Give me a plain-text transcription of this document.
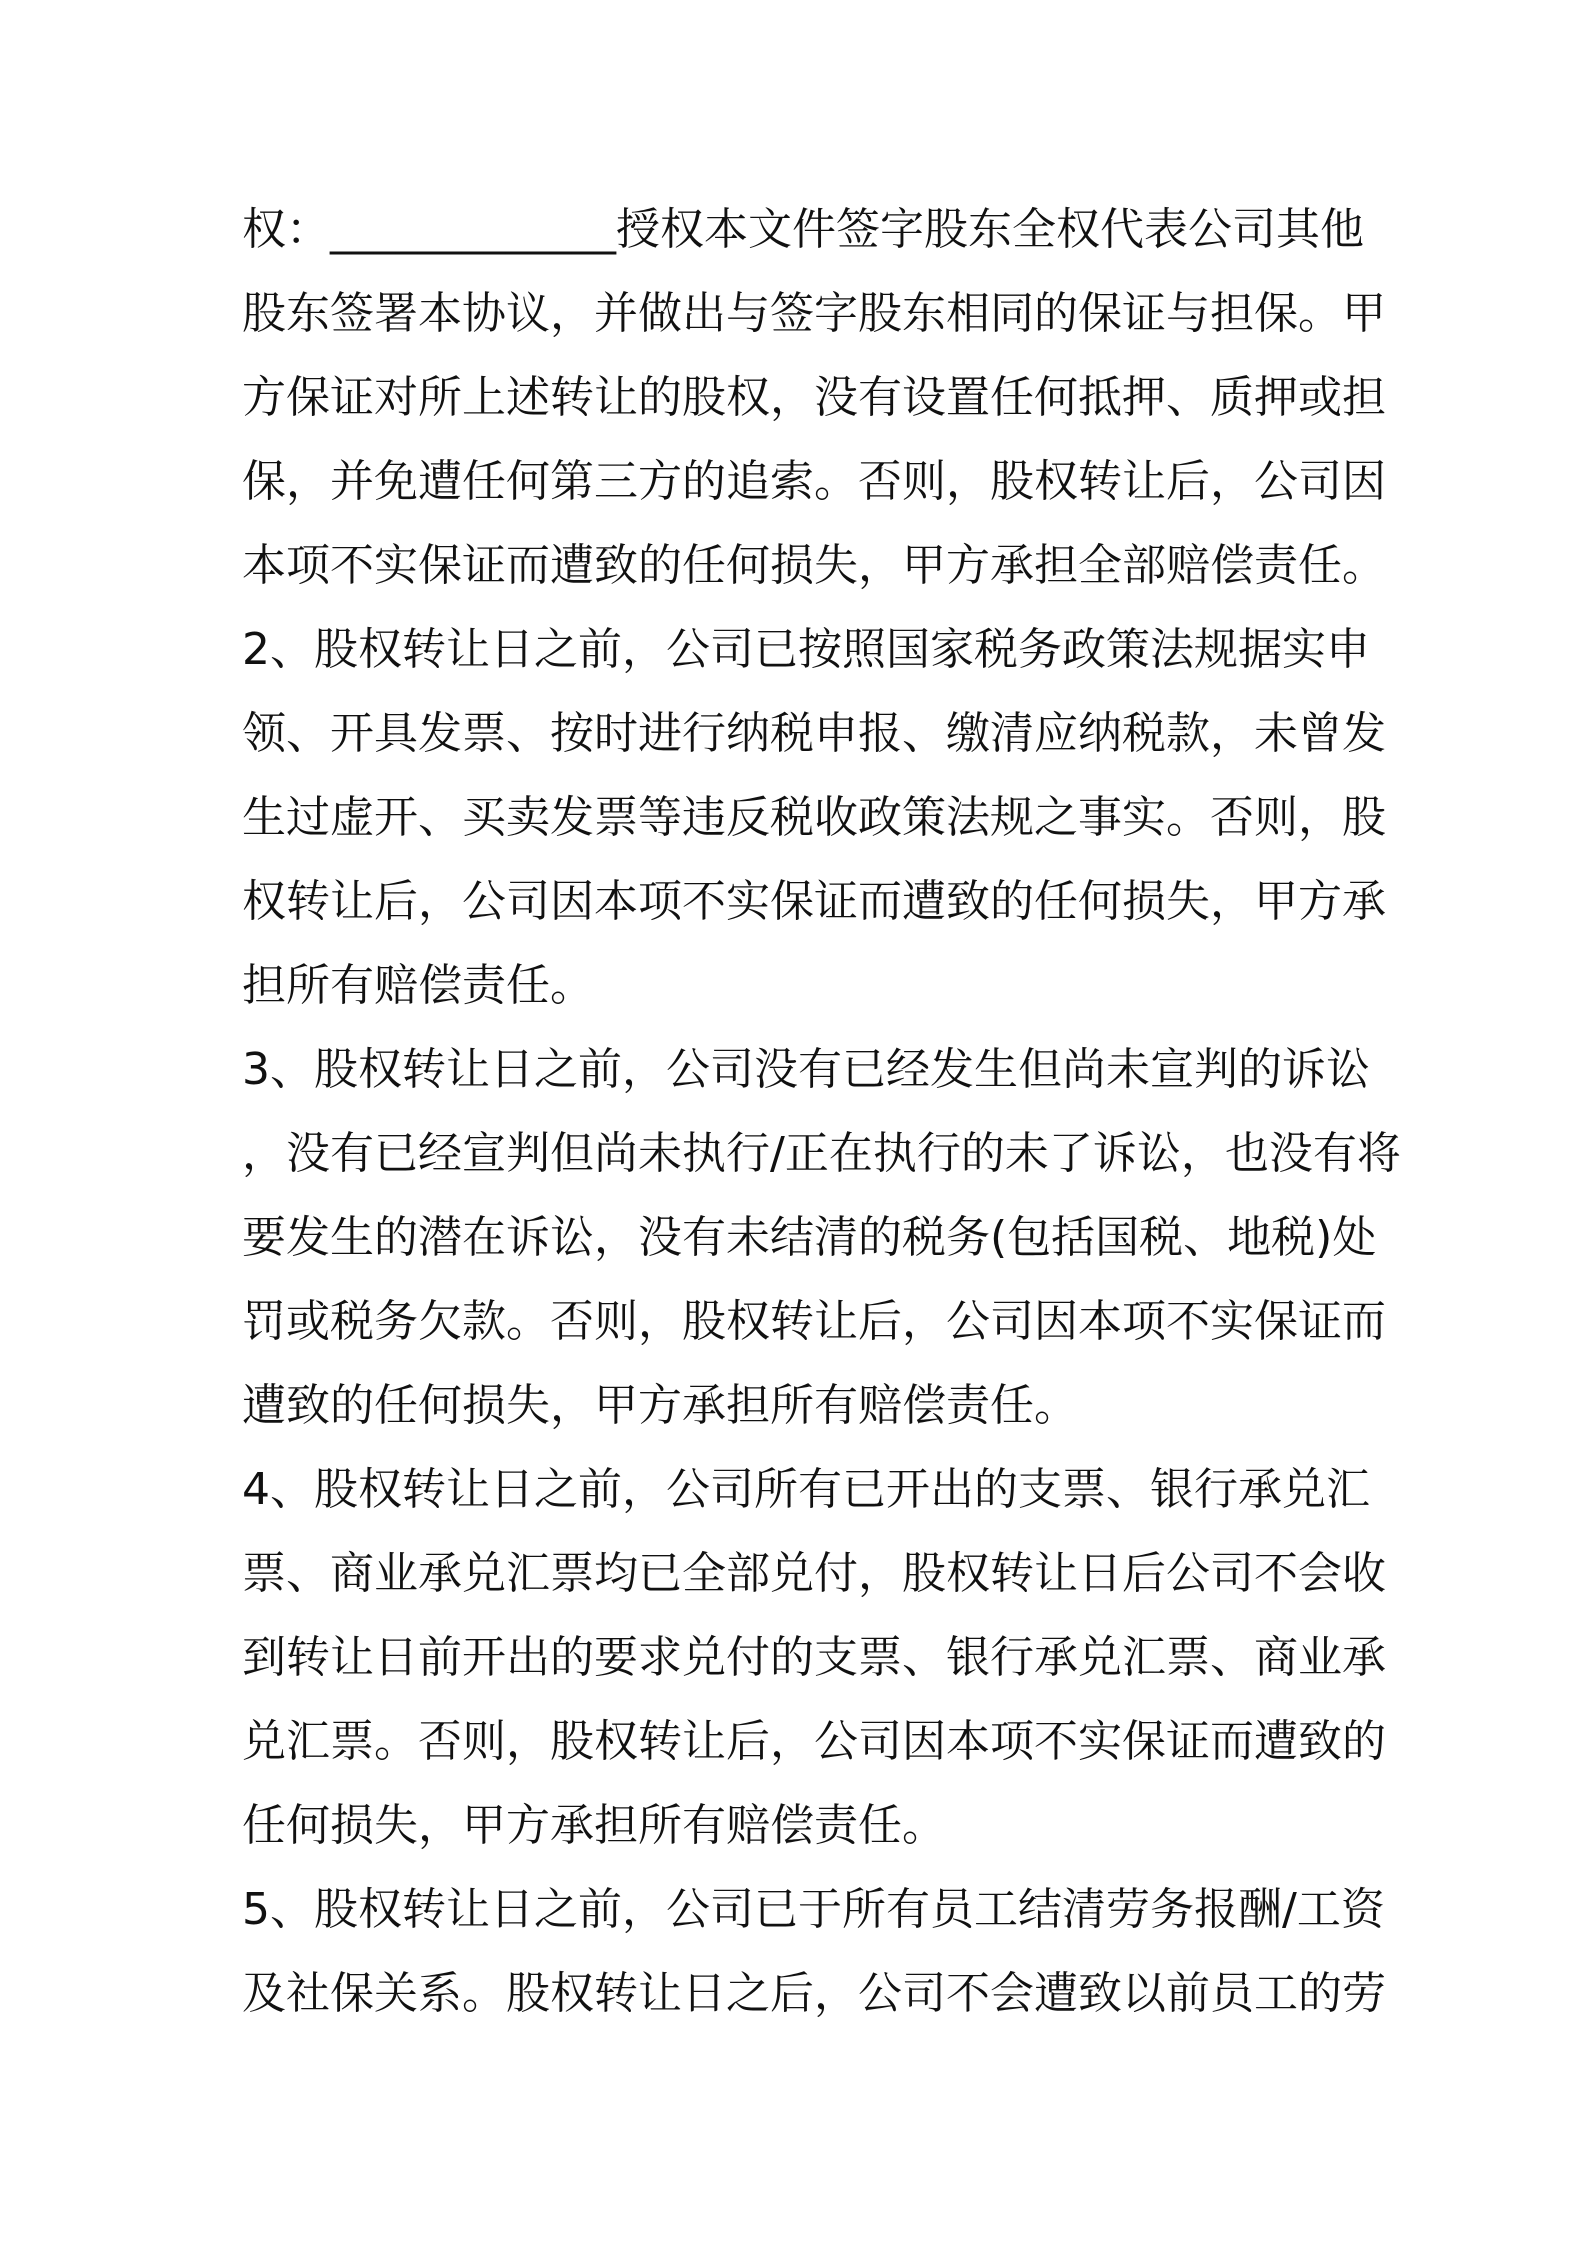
权：_____________授权本文件签字股东全权代表公司其他
股东签署本协议，并做出与签字股东相同的保证与担保。甲
方保证对所上述转让的股权，没有设置任何抵押、质押或担
保，并免遭任何第三方的追索。否则，股权转让后，公司因
本项不实保证而遭致的任何损失，甲方承担全部赔偿责任。
2、股权转让日之前，公司已按照国家税务政策法规据实申
领、开具发票、按时进行纳税申报、缴清应纳税款，未曾发
生过虚开、买卖发票等违反税收政策法规之事实。否则，股
权转让后，公司因本项不实保证而遭致的任何损失，甲方承
担所有赔偿责任。
3、股权转让日之前，公司没有已经发生但尚未宣判的诉讼
，没有已经宣判但尚未执行/正在执行的未了诉讼，也没有将
要发生的潜在诉讼，没有未结清的税务(包括国税、地税)处
罚或税务欠款。否则，股权转让后，公司因本项不实保证而
遭致的任何损失，甲方承担所有赔偿责任。
4、股权转让日之前，公司所有已开出的支票、银行承兑汇
票、商业承兑汇票均已全部兑付，股权转让日后公司不会收
到转让日前开出的要求兑付的支票、银行承兑汇票、商业承
兑汇票。否则，股权转让后，公司因本项不实保证而遭致的
任何损失，甲方承担所有赔偿责任。
5、股权转让日之前，公司已于所有员工结清劳务报酬/工资
及社保关系。股权转让日之后，公司不会遭致以前员工的劳
